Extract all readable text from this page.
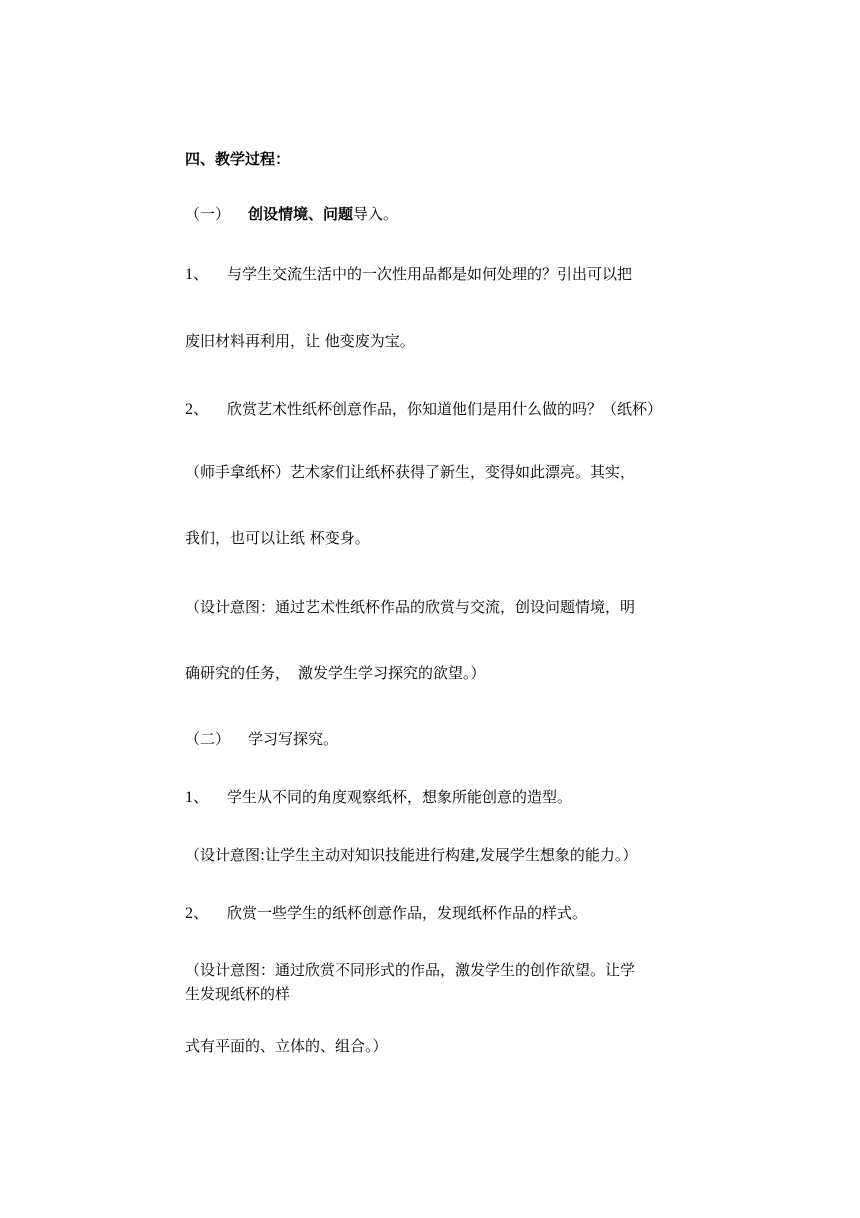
四、教学过程：
（一） 创设情境、问题导入。
1、 与学生交流生活中的一次性用品都是如何处理的？引出可以把
废旧材料再利用，让 他变废为宝。
2、 欣赏艺术性纸杯创意作品，你知道他们是用什么做的吗？（纸杯）
（师手拿纸杯）艺术家们让纸杯获得了新生，变得如此漂亮。其实，
我们，也可以让纸 杯变身。
（设计意图：通过艺术性纸杯作品的欣赏与交流，创设问题情境，明
确研究的任务， 激发学生学习探究的欲望。）
（二） 学习写探究。
1、 学生从不同的角度观察纸杯，想象所能创意的造型。
（设计意图:让学生主动对知识技能进行构建,发展学生想象的能力。）
2、 欣赏一些学生的纸杯创意作品，发现纸杯作品的样式。
（设计意图：通过欣赏不同形式的作品，激发学生的创作欲望。让学
生发现纸杯的样
式有平面的、立体的、组合。）
